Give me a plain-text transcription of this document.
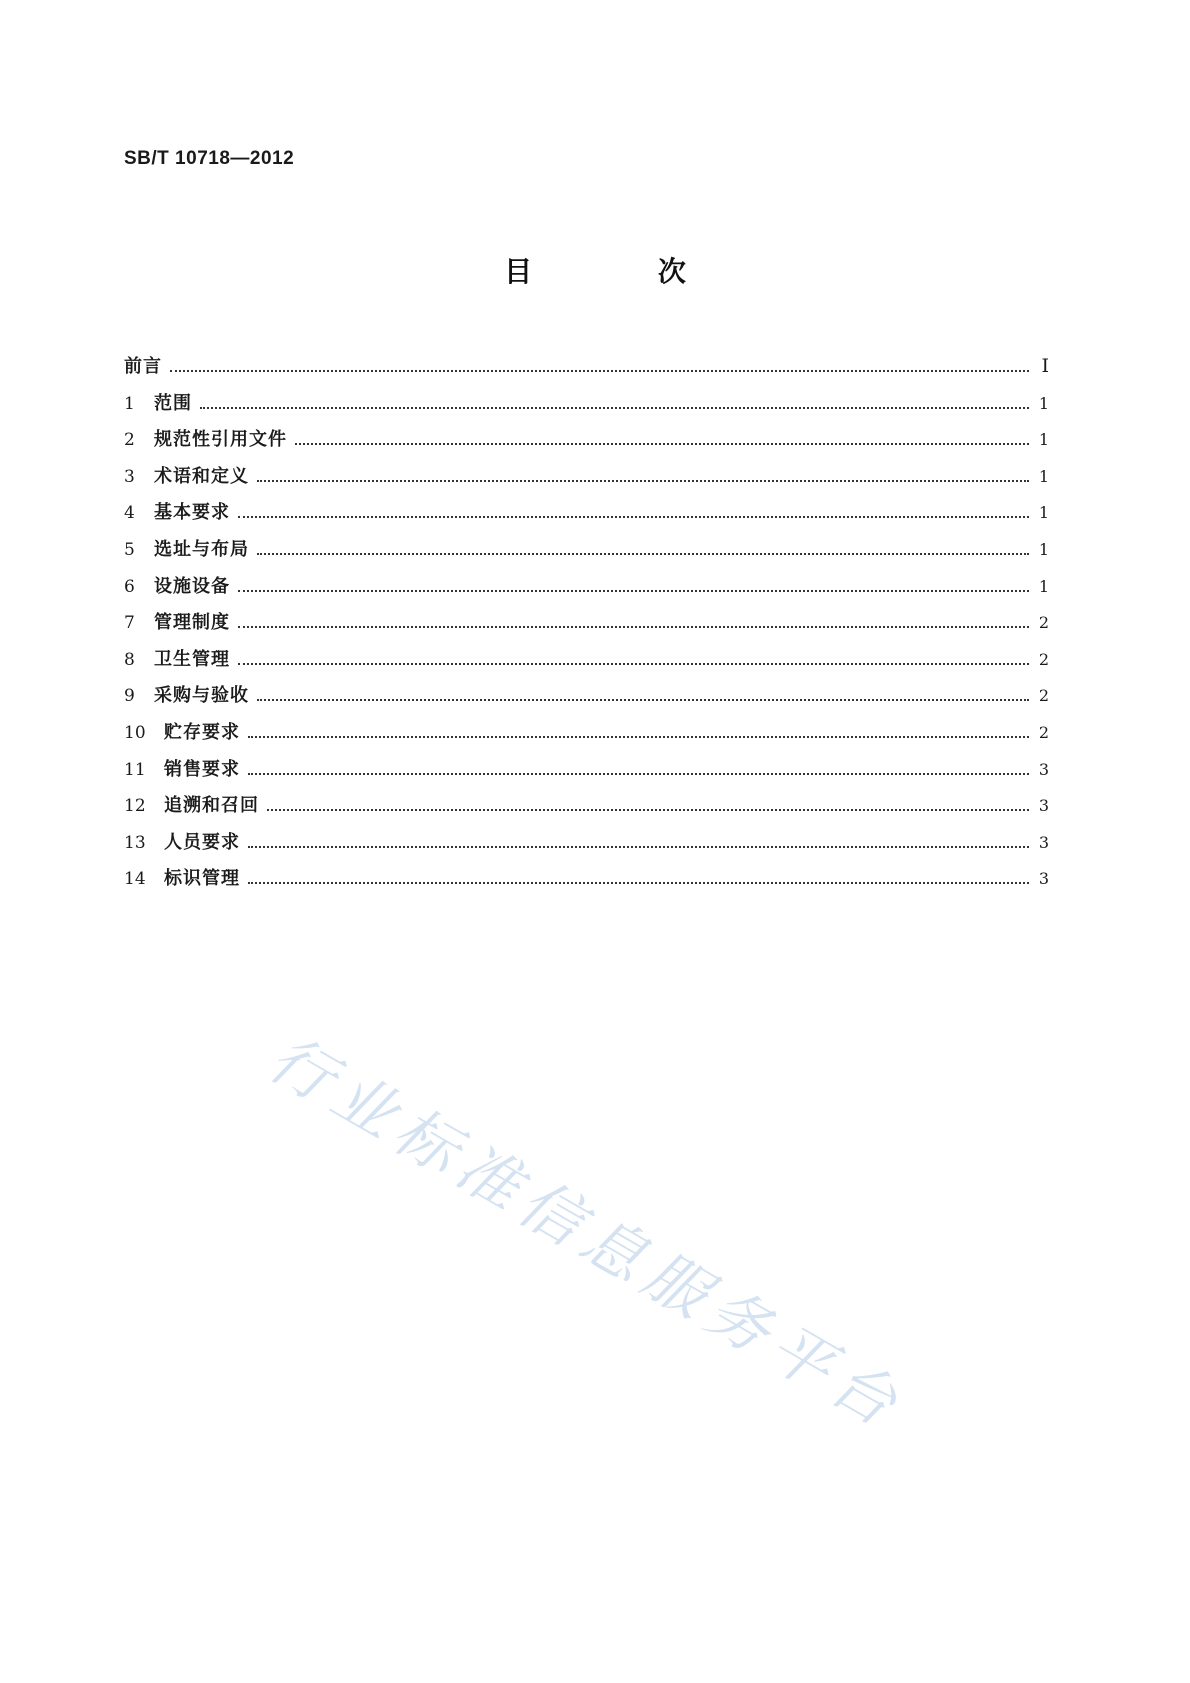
SB/T 10718—2012
目 次
前言	I
1	范围	1
2	规范性引用文件	1
3	术语和定义	1
4	基本要求	1
5	选址与布局	1
6	设施设备	1
7	管理制度	2
8	卫生管理	2
9	采购与验收	2
10	贮存要求	2
11	销售要求	3
12	追溯和召回	3
13	人员要求	3
14	标识管理	3
行业标准信息服务平台
